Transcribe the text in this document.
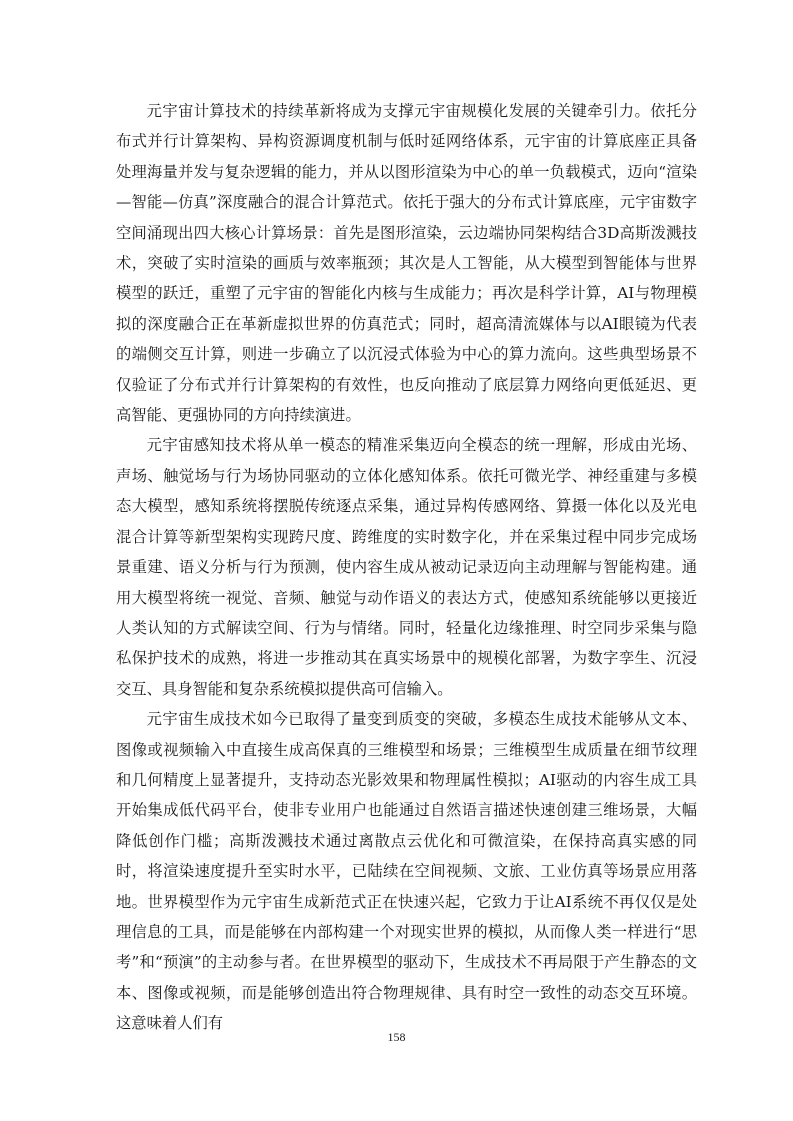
元宇宙计算技术的持续革新将成为支撑元宇宙规模化发展的关键牵引力。依托分布式并行计算架构、异构资源调度机制与低时延网络体系，元宇宙的计算底座正具备处理海量并发与复杂逻辑的能力，并从以图形渲染为中心的单一负载模式，迈向“渲染—智能—仿真”深度融合的混合计算范式。依托于强大的分布式计算底座，元宇宙数字空间涌现出四大核心计算场景：首先是图形渲染，云边端协同架构结合3D高斯泼溅技术，突破了实时渲染的画质与效率瓶颈；其次是人工智能，从大模型到智能体与世界模型的跃迁，重塑了元宇宙的智能化内核与生成能力；再次是科学计算，AI与物理模拟的深度融合正在革新虚拟世界的仿真范式；同时，超高清流媒体与以AI眼镜为代表的端侧交互计算，则进一步确立了以沉浸式体验为中心的算力流向。这些典型场景不仅验证了分布式并行计算架构的有效性，也反向推动了底层算力网络向更低延迟、更高智能、更强协同的方向持续演进。

元宇宙感知技术将从单一模态的精准采集迈向全模态的统一理解，形成由光场、声场、触觉场与行为场协同驱动的立体化感知体系。依托可微光学、神经重建与多模态大模型，感知系统将摆脱传统逐点采集，通过异构传感网络、算摄一体化以及光电混合计算等新型架构实现跨尺度、跨维度的实时数字化，并在采集过程中同步完成场景重建、语义分析与行为预测，使内容生成从被动记录迈向主动理解与智能构建。通用大模型将统一视觉、音频、触觉与动作语义的表达方式，使感知系统能够以更接近人类认知的方式解读空间、行为与情绪。同时，轻量化边缘推理、时空同步采集与隐私保护技术的成熟，将进一步推动其在真实场景中的规模化部署，为数字孪生、沉浸交互、具身智能和复杂系统模拟提供高可信输入。

元宇宙生成技术如今已取得了量变到质变的突破，多模态生成技术能够从文本、图像或视频输入中直接生成高保真的三维模型和场景；三维模型生成质量在细节纹理和几何精度上显著提升，支持动态光影效果和物理属性模拟；AI驱动的内容生成工具开始集成低代码平台，使非专业用户也能通过自然语言描述快速创建三维场景，大幅降低创作门槛；高斯泼溅技术通过离散点云优化和可微渲染，在保持高真实感的同时，将渲染速度提升至实时水平，已陆续在空间视频、文旅、工业仿真等场景应用落地。世界模型作为元宇宙生成新范式正在快速兴起，它致力于让AI系统不再仅仅是处理信息的工具，而是能够在内部构建一个对现实世界的模拟，从而像人类一样进行“思考”和“预演”的主动参与者。在世界模型的驱动下，生成技术不再局限于产生静态的文本、图像或视频，而是能够创造出符合物理规律、具有时空一致性的动态交互环境。这意味着人们有

158
